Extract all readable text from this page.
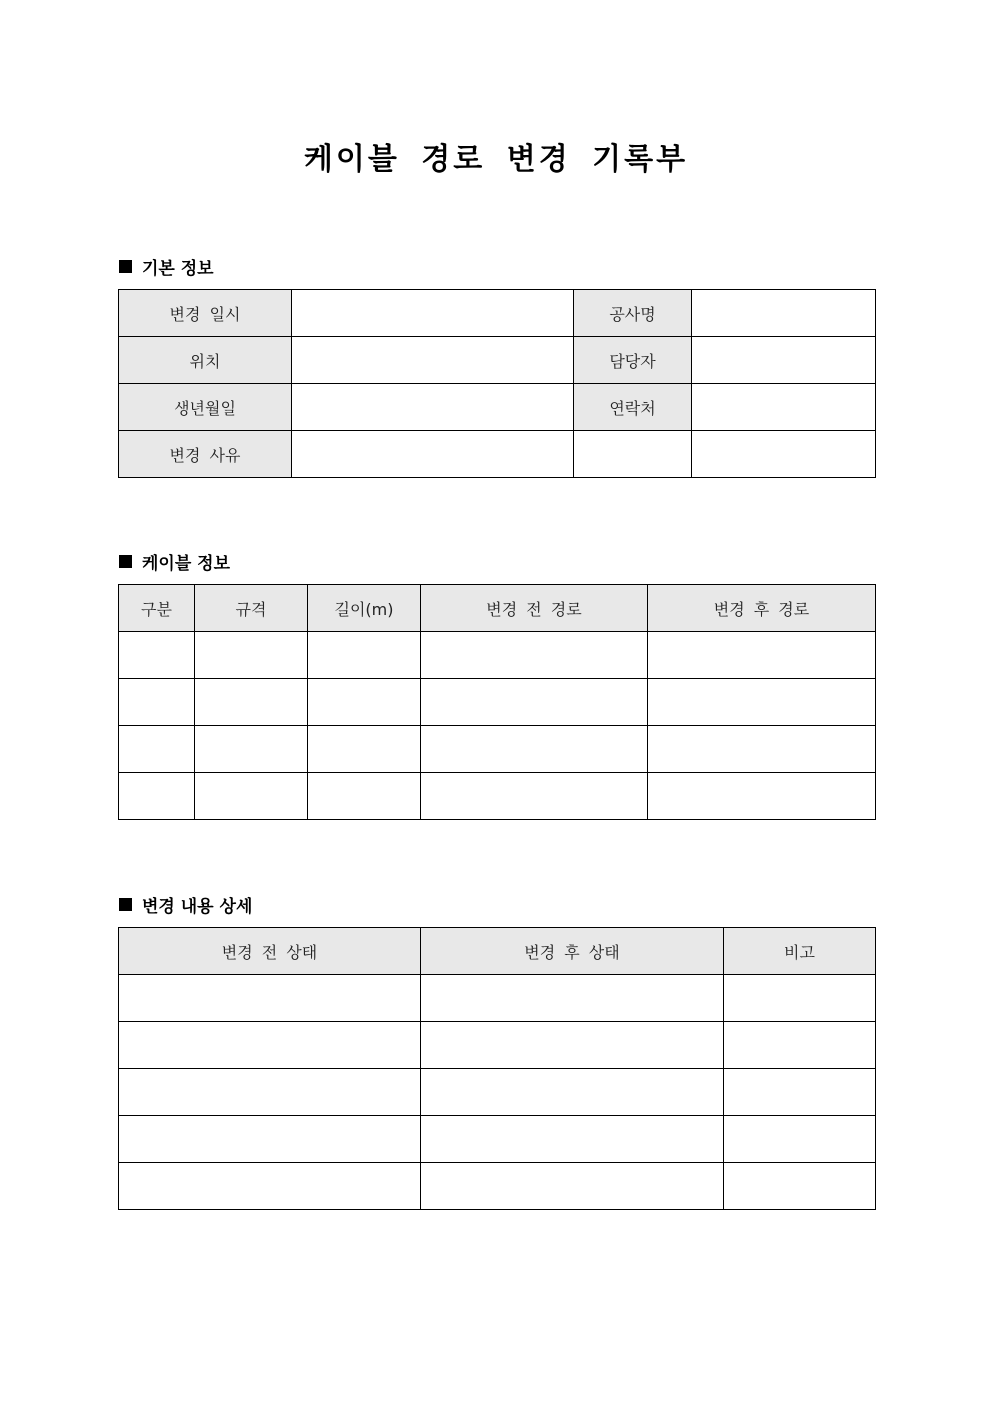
케이블 경로 변경 기록부
기본 정보
변경 일시		공사명	
위치		담당자	
생년월일		연락처	
변경 사유			
케이블 정보
구분	규격	길이(m)	변경 전 경로	변경 후 경로

변경 내용 상세
변경 전 상태	변경 후 상태	비고
